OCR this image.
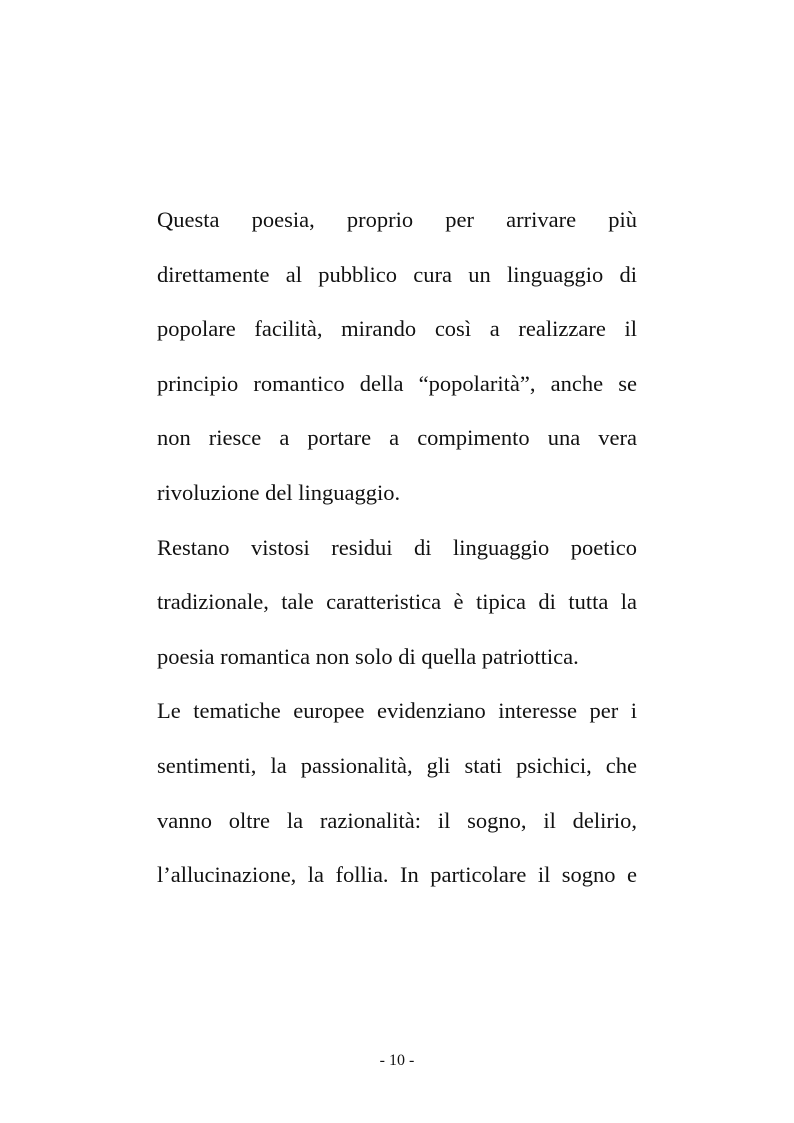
Questa poesia, proprio per arrivare più
direttamente al pubblico cura un linguaggio di
popolare facilità, mirando così a realizzare il
principio romantico della “popolarità”, anche se
non riesce a portare a compimento una vera
rivoluzione del linguaggio.
Restano vistosi residui di linguaggio poetico
tradizionale, tale caratteristica è tipica di tutta la
poesia romantica non solo di quella patriottica.
Le tematiche europee evidenziano interesse per i
sentimenti, la passionalità, gli stati psichici, che
vanno oltre la razionalità: il sogno, il delirio,
l’allucinazione, la follia. In particolare il sogno e
- 10 -
